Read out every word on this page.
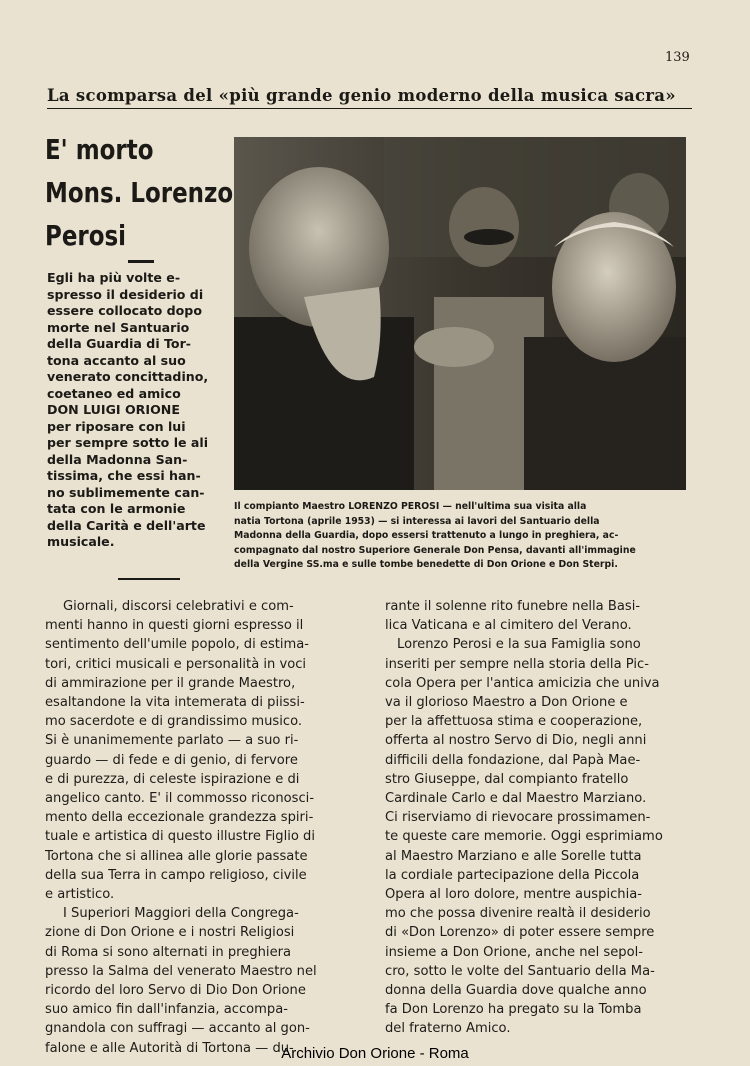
139
La scomparsa del «più grande genio moderno della musica sacra»
E' morto
Mons. Lorenzo
Perosi
Egli ha più volte e-
spresso il desiderio di
essere collocato dopo
morte nel Santuario
della Guardia di Tor-
tona accanto al suo
venerato concittadino,
coetaneo ed amico
DON LUIGI ORIONE
per riposare con lui
per sempre sotto le ali
della Madonna San-
tissima, che essi han-
no sublimemente can-
tata con le armonie
della Carità e dell'arte
musicale.
Il compianto Maestro LORENZO PEROSI — nell'ultima sua visita alla
natia Tortona (aprile 1953) — si interessa ai lavori del Santuario della
Madonna della Guardia, dopo essersi trattenuto a lungo in preghiera, ac-
compagnato dal nostro Superiore Generale Don Pensa, davanti all'immagine
della Vergine SS.ma e sulle tombe benedette di Don Orione e Don Sterpi.
Giornali, discorsi celebrativi e com-
menti hanno in questi giorni espresso il
sentimento dell'umile popolo, di estima-
tori, critici musicali e personalità in voci
di ammirazione per il grande Maestro,
esaltandone la vita intemerata di piissi-
mo sacerdote e di grandissimo musico.
Si è unanimemente parlato — a suo ri-
guardo — di fede e di genio, di fervore
e di purezza, di celeste ispirazione e di
angelico canto. E' il commosso riconosci-
mento della eccezionale grandezza spiri-
tuale e artistica di questo illustre Figlio di
Tortona che si allinea alle glorie passate
della sua Terra in campo religioso, civile
e artistico.
I Superiori Maggiori della Congrega-
zione di Don Orione e i nostri Religiosi
di Roma si sono alternati in preghiera
presso la Salma del venerato Maestro nel
ricordo del loro Servo di Dio Don Orione
suo amico fin dall'infanzia, accompa-
gnandola con suffragi — accanto al gon-
falone e alle Autorità di Tortona — du-
rante il solenne rito funebre nella Basi-
lica Vaticana e al cimitero del Verano.
Lorenzo Perosi e la sua Famiglia sono
inseriti per sempre nella storia della Pic-
cola Opera per l'antica amicizia che univa
va il glorioso Maestro a Don Orione e
per la affettuosa stima e cooperazione,
offerta al nostro Servo di Dio, negli anni
difficili della fondazione, dal Papà Mae-
stro Giuseppe, dal compianto fratello
Cardinale Carlo e dal Maestro Marziano.
Ci riserviamo di rievocare prossimamen-
te queste care memorie. Oggi esprimiamo
al Maestro Marziano e alle Sorelle tutta
la cordiale partecipazione della Piccola
Opera al loro dolore, mentre auspichia-
mo che possa divenire realtà il desiderio
di «Don Lorenzo» di poter essere sempre
insieme a Don Orione, anche nel sepol-
cro, sotto le volte del Santuario della Ma-
donna della Guardia dove qualche anno
fa Don Lorenzo ha pregato su la Tomba
del fraterno Amico.
Archivio Don Orione - Roma
